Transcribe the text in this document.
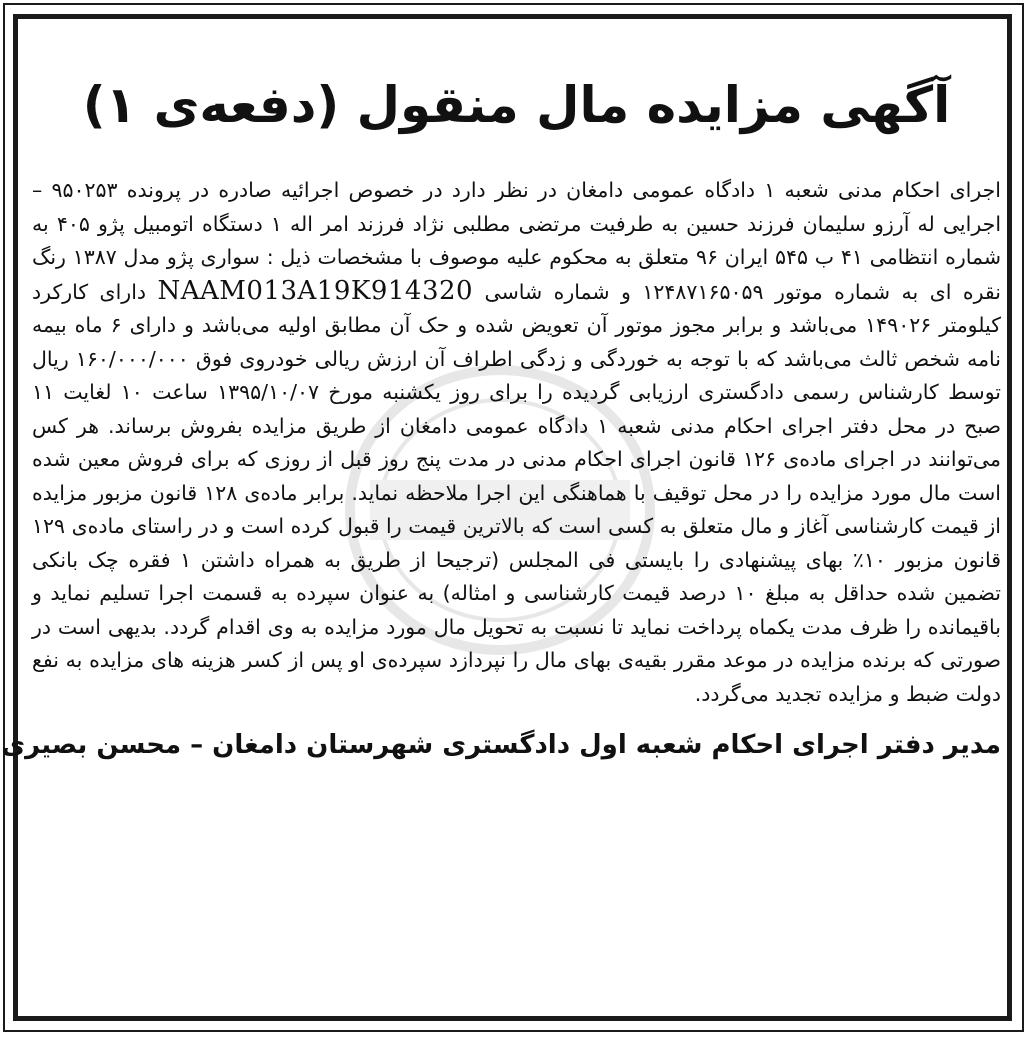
آگهی مزایده مال منقول (دفعه‌ی ۱)

اجرای احکام مدنی شعبه ۱ دادگاه عمومی دامغان در نظر دارد در خصوص اجرائیه صادره در پرونده ۹۵۰۲۵۳ – اجرایی له آرزو سلیمان فرزند حسین به طرفیت مرتضی مطلبی نژاد فرزند امر اله ۱ دستگاه اتومبیل پژو ۴۰۵ به شماره انتظامی ۴۱ ب ۵۴۵ ایران ۹۶ متعلق به محکوم علیه موصوف با مشخصات ذیل : سواری پژو مدل ۱۳۸۷ رنگ نقره ای به شماره موتور ۱۲۴۸۷۱۶۵۰۵۹ و شماره شاسی NAAM013A19K914320 دارای کارکرد کیلومتر ۱۴۹۰۲۶ می‌باشد و برابر مجوز موتور آن تعویض شده و حک آن مطابق اولیه می‌باشد و دارای ۶ ماه بیمه نامه شخص ثالث می‌باشد که با توجه به خوردگی و زدگی اطراف آن ارزش ریالی خودروی فوق ۱۶۰/۰۰۰/۰۰۰ ریال توسط کارشناس رسمی دادگستری ارزیابی گردیده را برای روز یکشنبه مورخ ۱۳۹۵/۱۰/۰۷ ساعت ۱۰ لغایت ۱۱ صبح در محل دفتر اجرای احکام مدنی شعبه ۱ دادگاه عمومی دامغان از طریق مزایده بفروش برساند. هر کس می‌توانند در اجرای ماده‌ی ۱۲۶ قانون اجرای احکام مدنی در مدت پنج روز قبل از روزی که برای فروش معین شده است مال مورد مزایده را در محل توقیف با هماهنگی این اجرا ملاحظه نماید. برابر ماده‌ی ۱۲۸ قانون مزبور مزایده از قیمت کارشناسی آغاز و مال متعلق به کسی است که بالاترین قیمت را قبول کرده است و در راستای ماده‌ی ۱۲۹ قانون مزبور ۱۰٪ بهای پیشنهادی را بایستی فی المجلس (ترجیحا از طریق به همراه داشتن ۱ فقره چک بانکی تضمین شده حداقل به مبلغ ۱۰ درصد قیمت کارشناسی و امثاله) به عنوان سپرده به قسمت اجرا تسلیم نماید و باقیمانده را ظرف مدت یکماه پرداخت نماید تا نسبت به تحویل مال مورد مزایده به وی اقدام گردد. بدیهی است در صورتی که برنده مزایده در موعد مقرر بقیه‌ی بهای مال را نپردازد سپرده‌ی او پس از کسر هزینه های مزایده به نفع دولت ضبط و مزایده تجدید می‌گردد.

مدیر دفتر اجرای احکام شعبه اول دادگستری شهرستان دامغان – محسن بصیری
